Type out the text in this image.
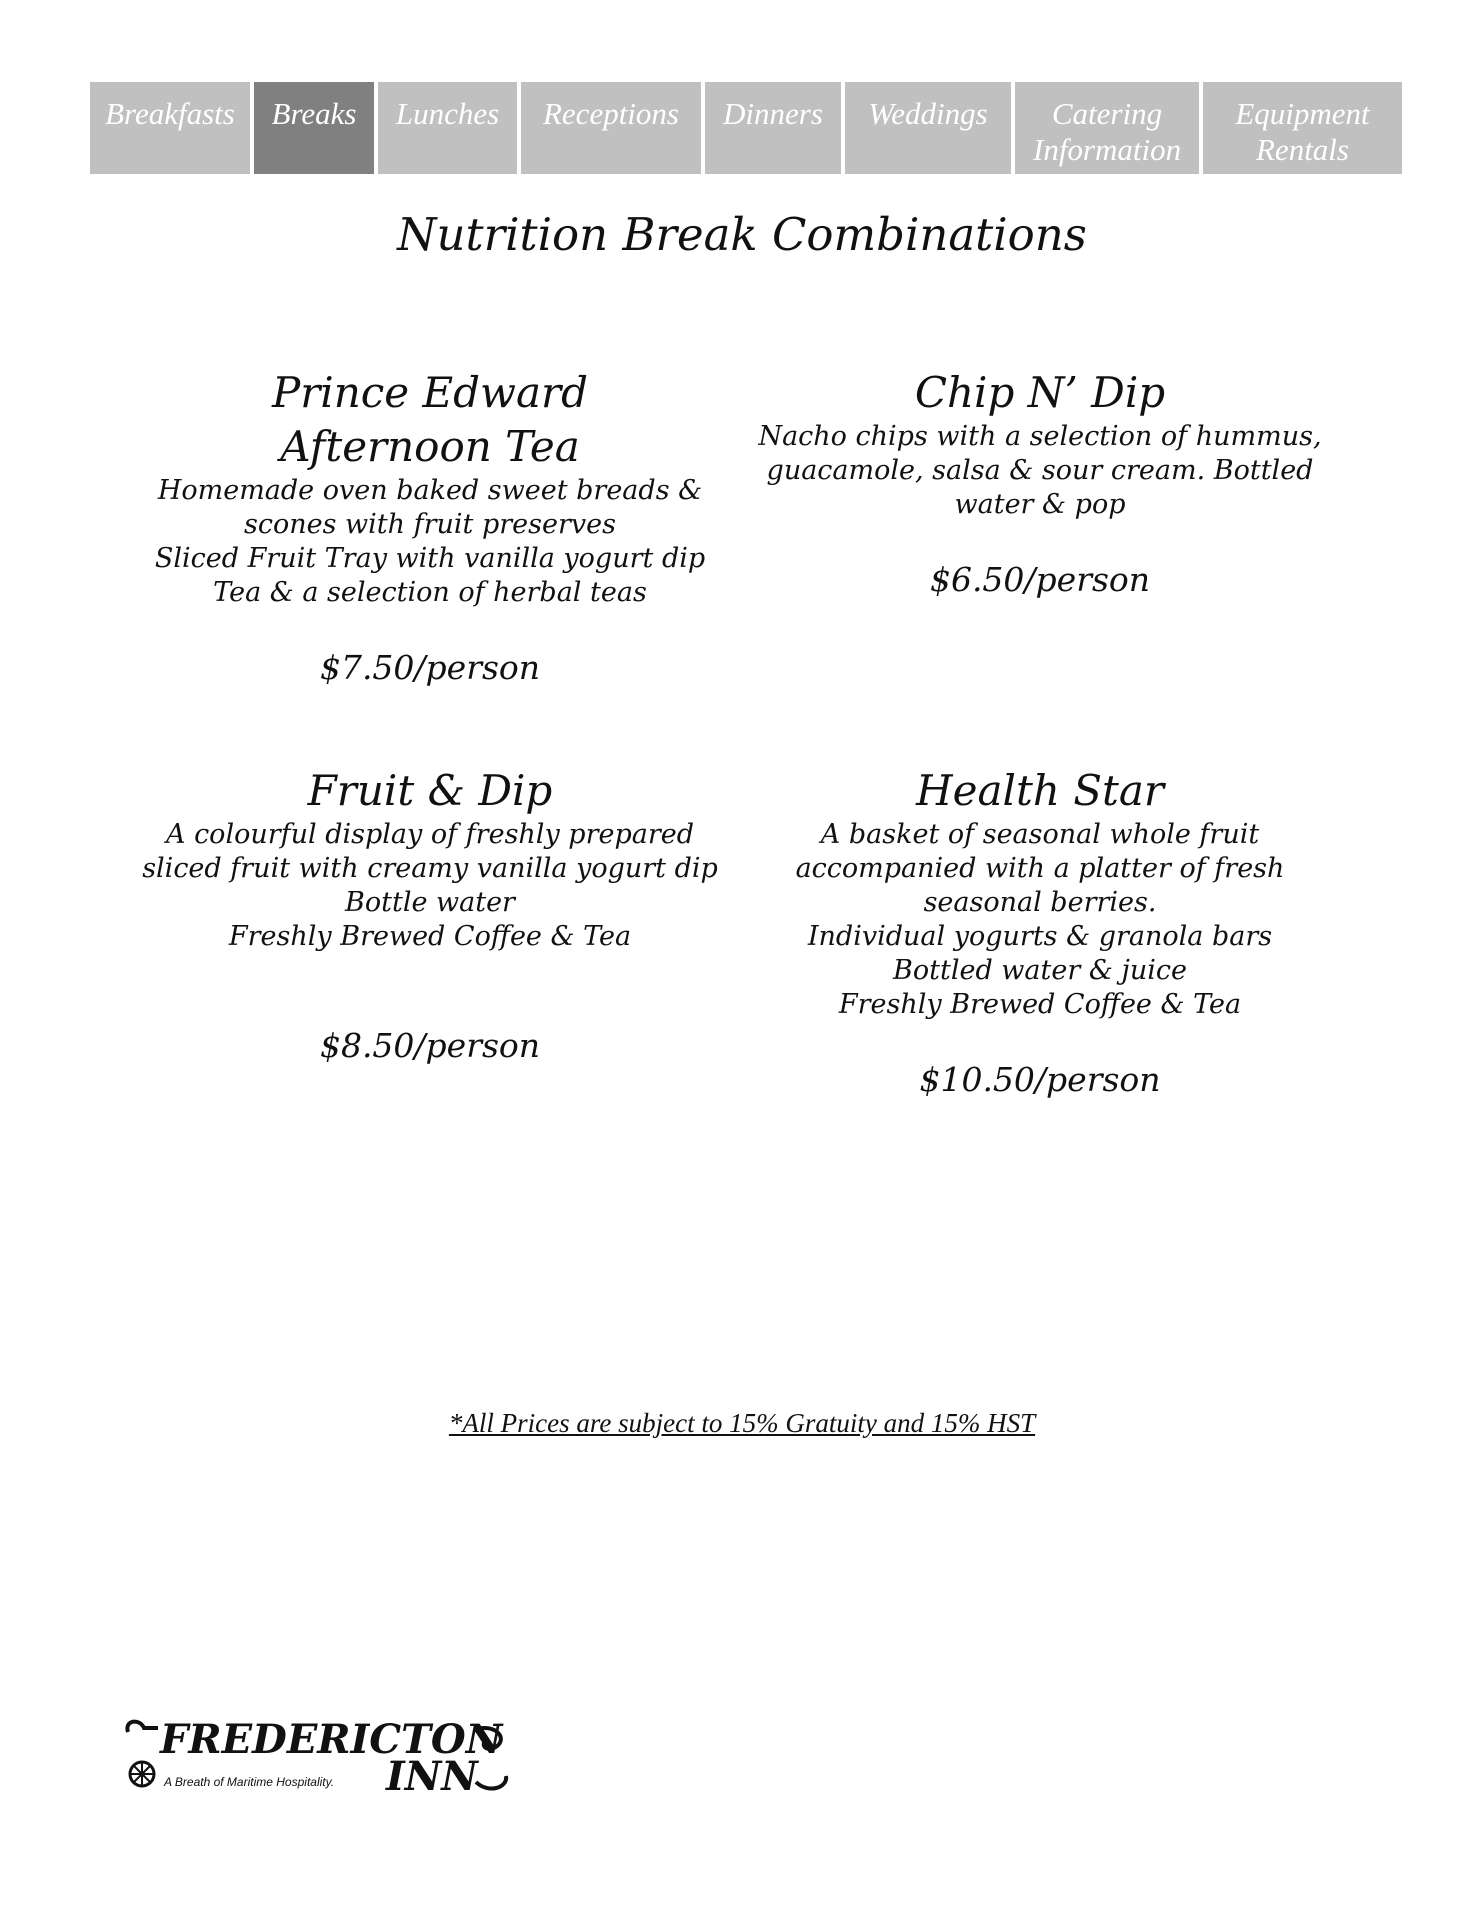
Breakfasts	Breaks	Lunches	Receptions	Dinners	Weddings	Catering Information
Equipment Rentals
Nutrition Break Combinations
Prince Edward Afternoon Tea
Homemade oven baked sweet breads &
scones with fruit preserves
Sliced Fruit Tray with vanilla yogurt dip
Tea & a selection of herbal teas
$7.50/person
Chip N’ Dip
Nacho chips with a selection of hummus,
guacamole, salsa & sour cream. Bottled
water & pop
$6.50/person
Fruit & Dip
A colourful display of freshly prepared
sliced fruit with creamy vanilla yogurt dip
Bottle water
Freshly Brewed Coffee & Tea
$8.50/person
Health Star
A basket of seasonal whole fruit
accompanied with a platter of fresh
seasonal berries.
Individual yogurts & granola bars
Bottled water & juice
Freshly Brewed Coffee & Tea
$10.50/person
*All Prices are subject to 15% Gratuity and 15% HST
FREDERICTON
A Breath of Maritime Hospitality. INN
